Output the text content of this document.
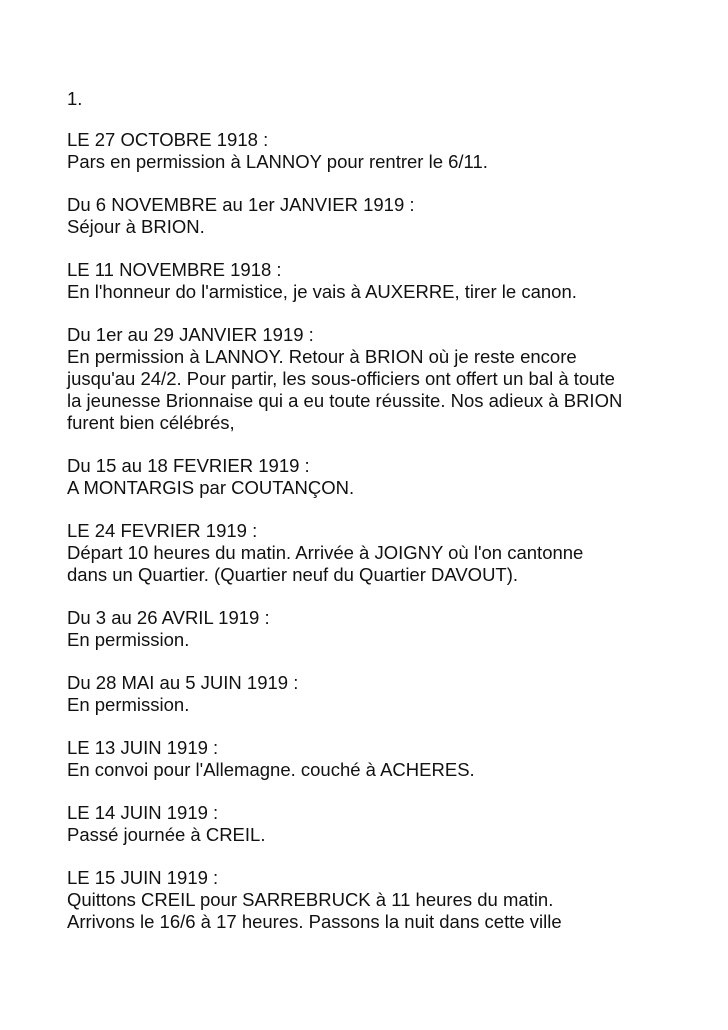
1.
LE 27 OCTOBRE 1918 :
Pars en permission à LANNOY pour rentrer le 6/11.
Du 6 NOVEMBRE au 1er JANVIER 1919 :
Séjour à BRION.
LE 11 NOVEMBRE 1918 :
En l'honneur do l'armistice, je vais à AUXERRE, tirer le canon.
Du 1er au 29 JANVIER 1919 :
En permission à LANNOY. Retour à BRION où je reste encore
jusqu'au 24/2. Pour partir, les sous-officiers ont offert un bal à toute
la jeunesse Brionnaise qui a eu toute réussite. Nos adieux à BRION
furent bien célébrés,
Du 15 au 18 FEVRIER 1919 :
A MONTARGIS par COUTANÇON.
LE 24 FEVRIER 1919 :
Départ 10 heures du matin. Arrivée à JOIGNY où l'on cantonne
dans un Quartier. (Quartier neuf du Quartier DAVOUT).
Du 3 au 26 AVRIL 1919 :
En permission.
Du 28 MAI au 5 JUIN 1919 :
En permission.
LE 13 JUIN 1919 :
En convoi pour l'Allemagne. couché à ACHERES.
LE 14 JUIN 1919 :
Passé journée à CREIL.
LE 15 JUIN 1919 :
Quittons CREIL pour SARREBRUCK à 11 heures du matin.
Arrivons le 16/6 à 17 heures. Passons la nuit dans cette ville
